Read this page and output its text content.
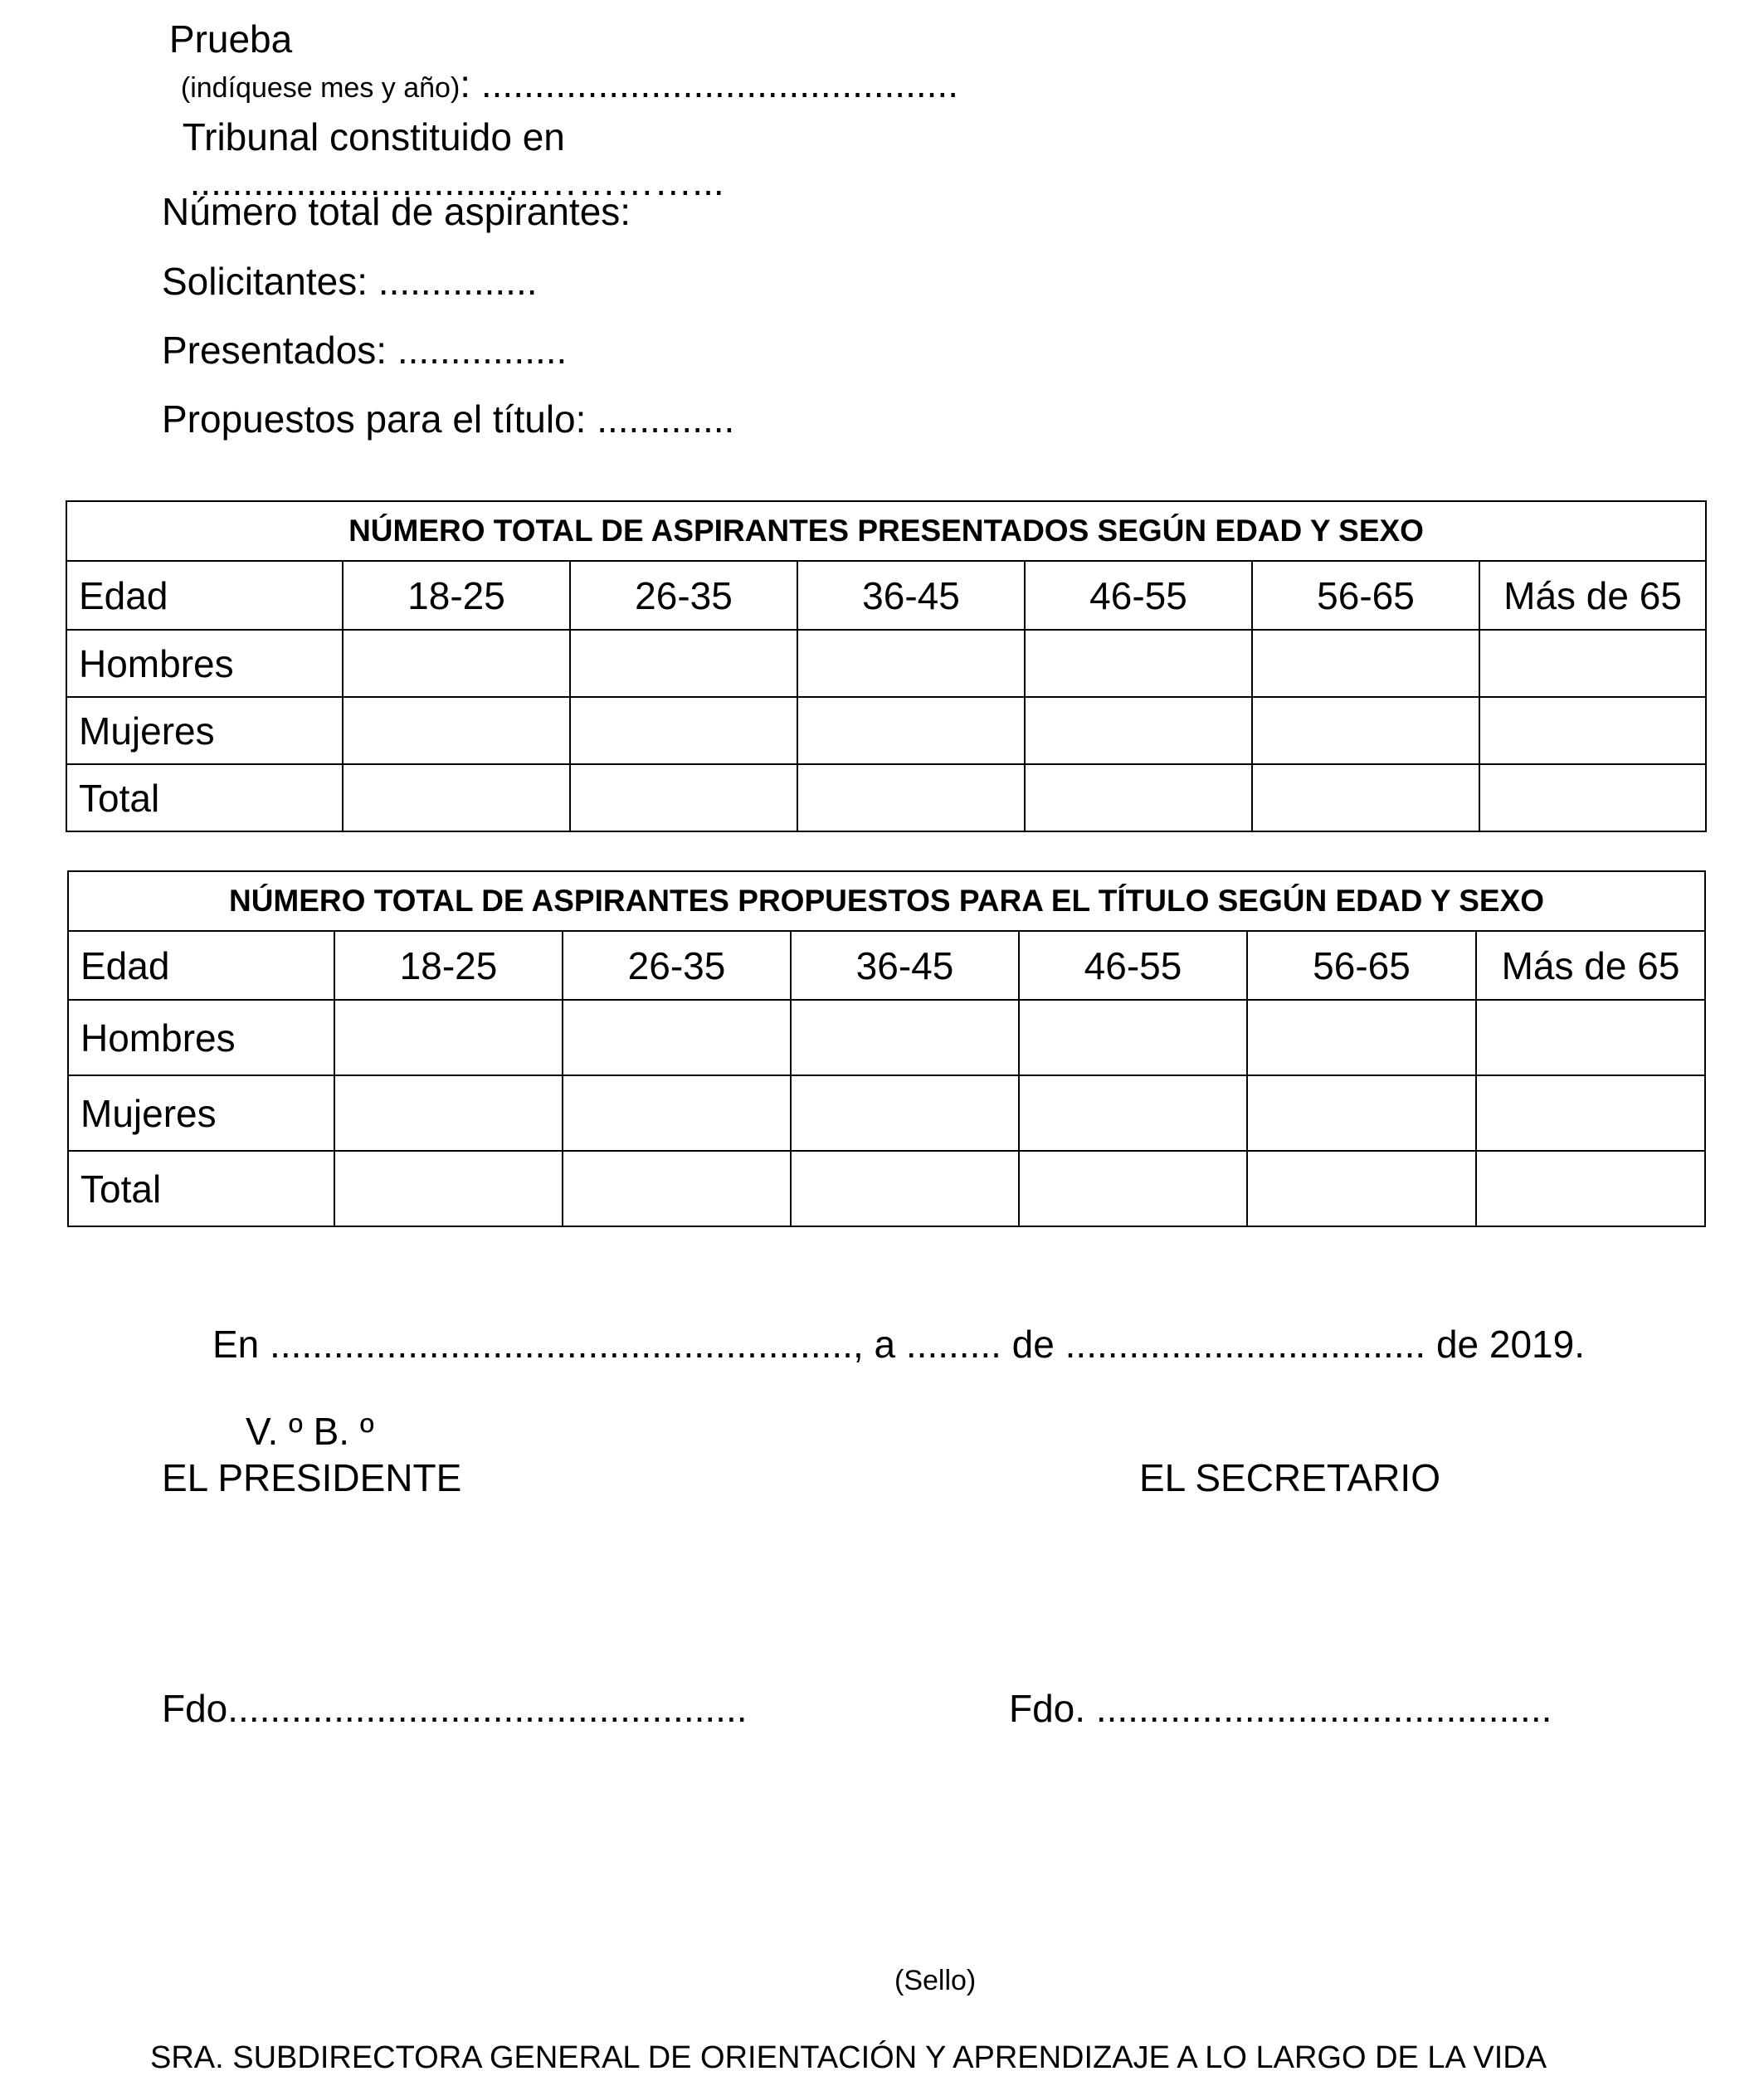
Prueba
(indíquese mes y año): .............................................

Tribunal constituido en
.................................…………...

Número total de aspirantes:
Solicitantes: ...............
Presentados: ................
Propuestos para el título: .............
NÚMERO TOTAL DE ASPIRANTES PRESENTADOS SEGÚN EDAD Y SEXO						
Edad	18-25	26-35	36-45	46-55	56-65	Más de 65
Hombres						
Mujeres						
Total						
NÚMERO TOTAL DE ASPIRANTES PROPUESTOS PARA EL TÍTULO SEGÚN EDAD Y SEXO						
Edad	18-25	26-35	36-45	46-55	56-65	Más de 65
Hombres						
Mujeres						
Total						
En ......................................................., a ......... de .................................. de 2019.
V. º B. º
EL PRESIDENTE	EL SECRETARIO
Fdo.................................................	Fdo. ...........................................
(Sello)
SRA. SUBDIRECTORA GENERAL DE ORIENTACIÓN Y APRENDIZAJE A LO LARGO DE LA VIDA
